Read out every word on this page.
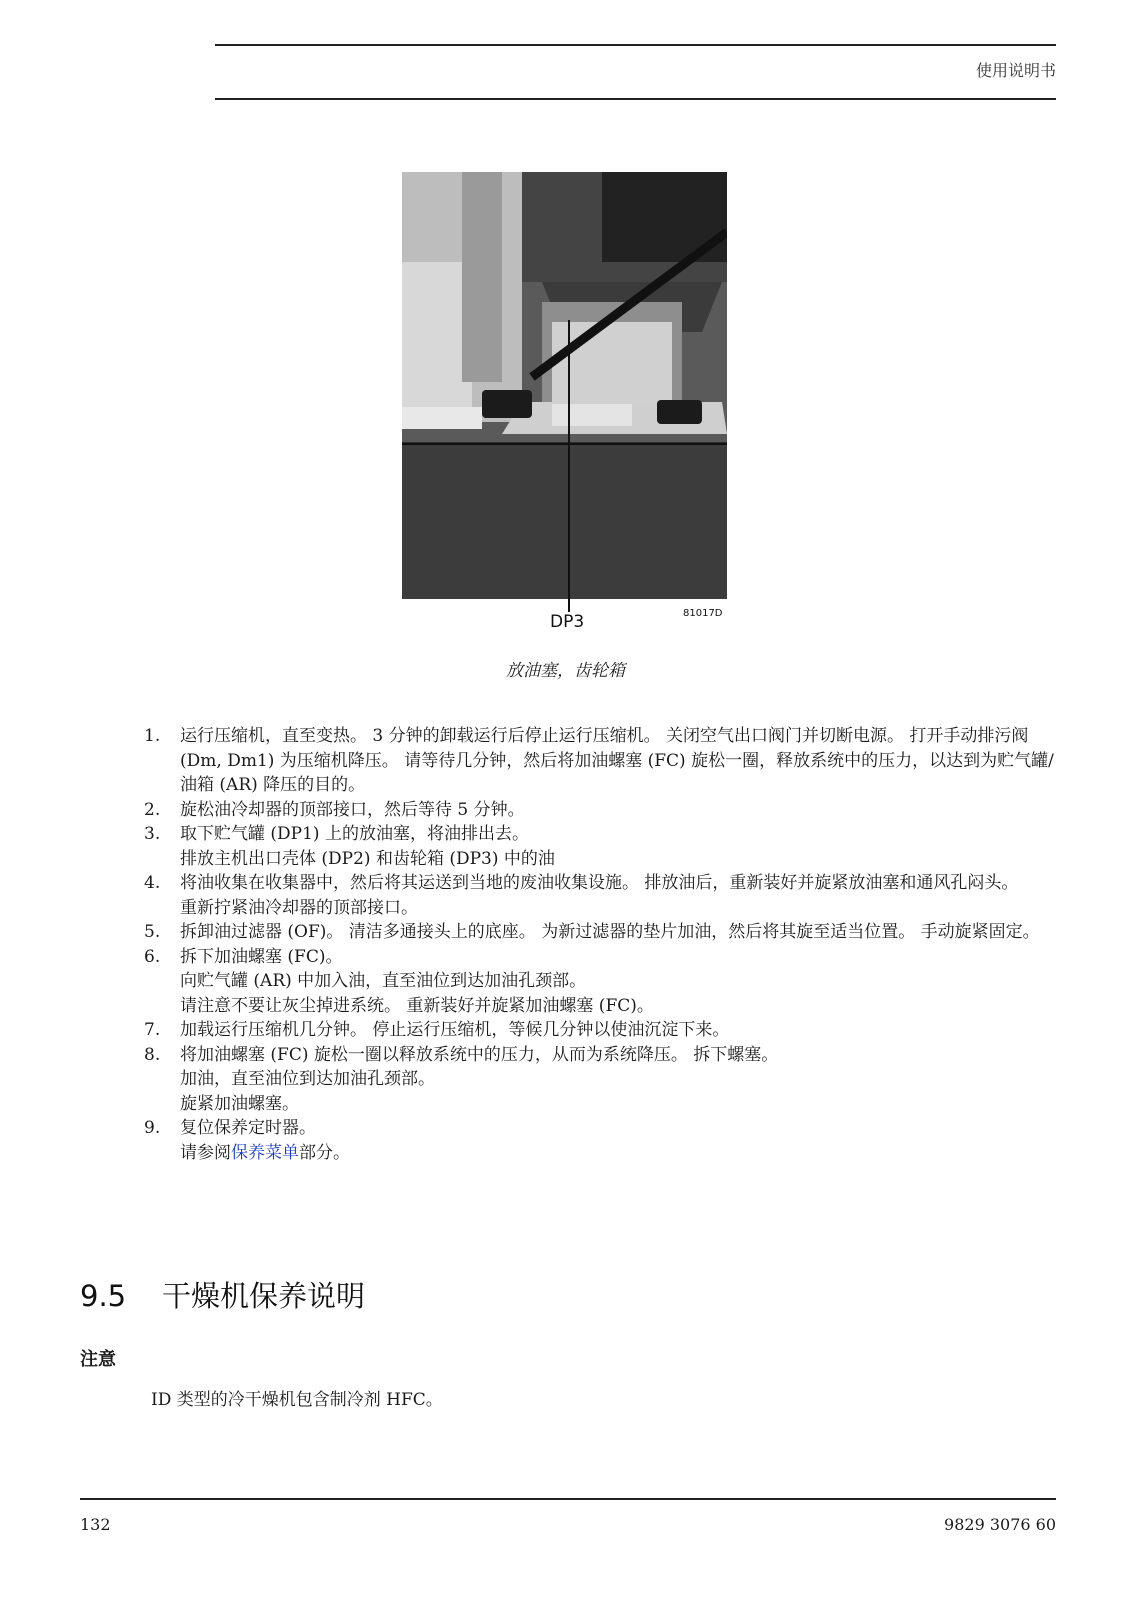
使用说明书
DP3	81017D
放油塞，齿轮箱
1.	运行压缩机，直至变热。 3 分钟的卸载运行后停止运行压缩机。 关闭空气出口阀门并切断电源。 打开手动排污阀 (Dm, Dm1) 为压缩机降压。 请等待几分钟，然后将加油螺塞 (FC) 旋松一圈，释放系统中的压力，以达到为贮气罐/油箱 (AR) 降压的目的。
2.	旋松油冷却器的顶部接口，然后等待 5 分钟。
3.	取下贮气罐 (DP1) 上的放油塞，将油排出去。
排放主机出口壳体 (DP2) 和齿轮箱 (DP3) 中的油
4.	将油收集在收集器中，然后将其运送到当地的废油收集设施。 排放油后，重新装好并旋紧放油塞和通风孔闷头。
重新拧紧油冷却器的顶部接口。
5.	拆卸油过滤器 (OF)。 清洁多通接头上的底座。 为新过滤器的垫片加油，然后将其旋至适当位置。 手动旋紧固定。
6.	拆下加油螺塞 (FC)。
向贮气罐 (AR) 中加入油，直至油位到达加油孔颈部。
请注意不要让灰尘掉进系统。 重新装好并旋紧加油螺塞 (FC)。
7.	加载运行压缩机几分钟。 停止运行压缩机，等候几分钟以使油沉淀下来。
8.	将加油螺塞 (FC) 旋松一圈以释放系统中的压力，从而为系统降压。 拆下螺塞。
加油，直至油位到达加油孔颈部。
旋紧加油螺塞。
9.	复位保养定时器。
请参阅保养菜单部分。
9.5 干燥机保养说明
注意
ID 类型的冷干燥机包含制冷剂 HFC。
132	9829 3076 60
